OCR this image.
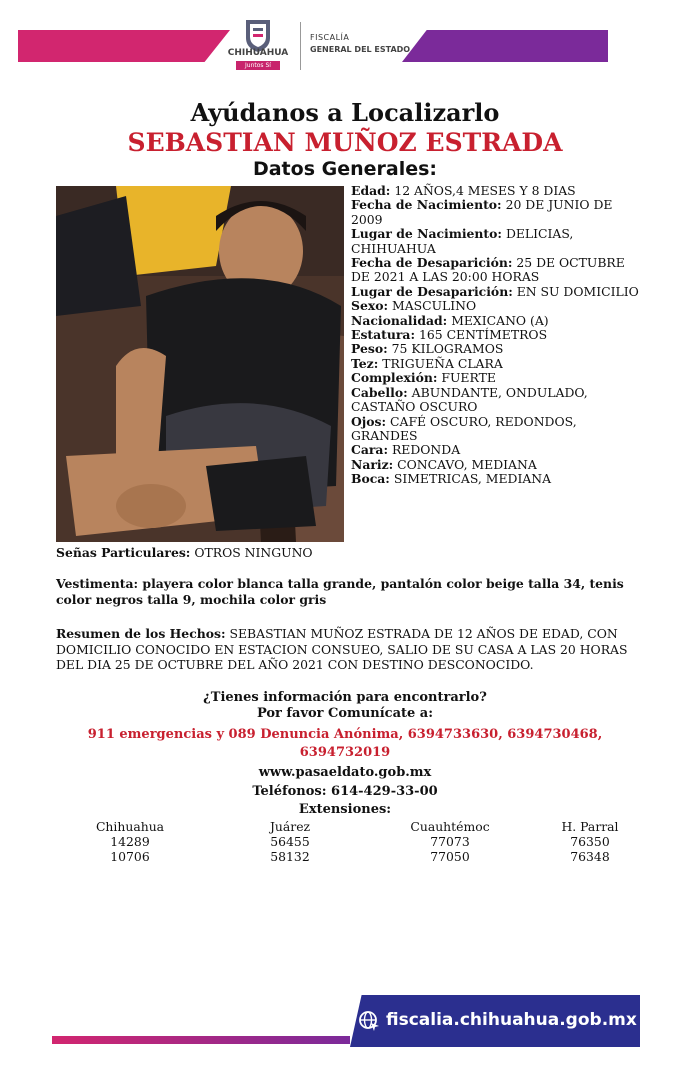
CHIHUAHUA
Juntos Sí podemos
FISCALÍA
GENERAL DEL ESTADO
Ayúdanos a Localizarlo
SEBASTIAN MUÑOZ ESTRADA
Datos Generales:
Edad: 12 AÑOS,4 MESES Y 8 DIAS
Fecha de Nacimiento: 20 DE JUNIO DE 2009
Lugar de Nacimiento: DELICIAS, CHIHUAHUA
Fecha de Desaparición: 25 DE OCTUBRE DE 2021 A LAS 20:00 HORAS
Lugar de Desaparición: EN SU DOMICILIO
Sexo: MASCULINO
Nacionalidad: MEXICANO (A)
Estatura: 165 CENTÍMETROS
Peso: 75 KILOGRAMOS
Tez: TRIGUEÑA CLARA
Complexión: FUERTE
Cabello: ABUNDANTE, ONDULADO, CASTAÑO OSCURO
Ojos: CAFÉ OSCURO, REDONDOS, GRANDES
Cara: REDONDA
Nariz: CONCAVO, MEDIANA
Boca: SIMETRICAS, MEDIANA
Señas Particulares: OTROS NINGUNO
Vestimenta: playera color blanca talla grande, pantalón color beige talla 34, tenis color negros talla 9, mochila color gris
Resumen de los Hechos: SEBASTIAN MUÑOZ ESTRADA DE 12 AÑOS DE EDAD, CON DOMICILIO CONOCIDO EN ESTACION CONSUEO, SALIO DE SU CASA A LAS 20 HORAS DEL DIA 25 DE OCTUBRE DEL AÑO 2021 CON DESTINO DESCONOCIDO.
¿Tienes información para encontrarlo?
Por favor Comunícate a:
911 emergencias y 089 Denuncia Anónima, 6394733630, 6394730468,
6394732019
www.pasaeldato.gob.mx
Teléfonos: 614-429-33-00
Extensiones:
Chihuahua
14289
10706
Juárez
56455
58132
Cuauhtémoc
77073
77050
H. Parral
76350
76348
fiscalia.chihuahua.gob.mx
